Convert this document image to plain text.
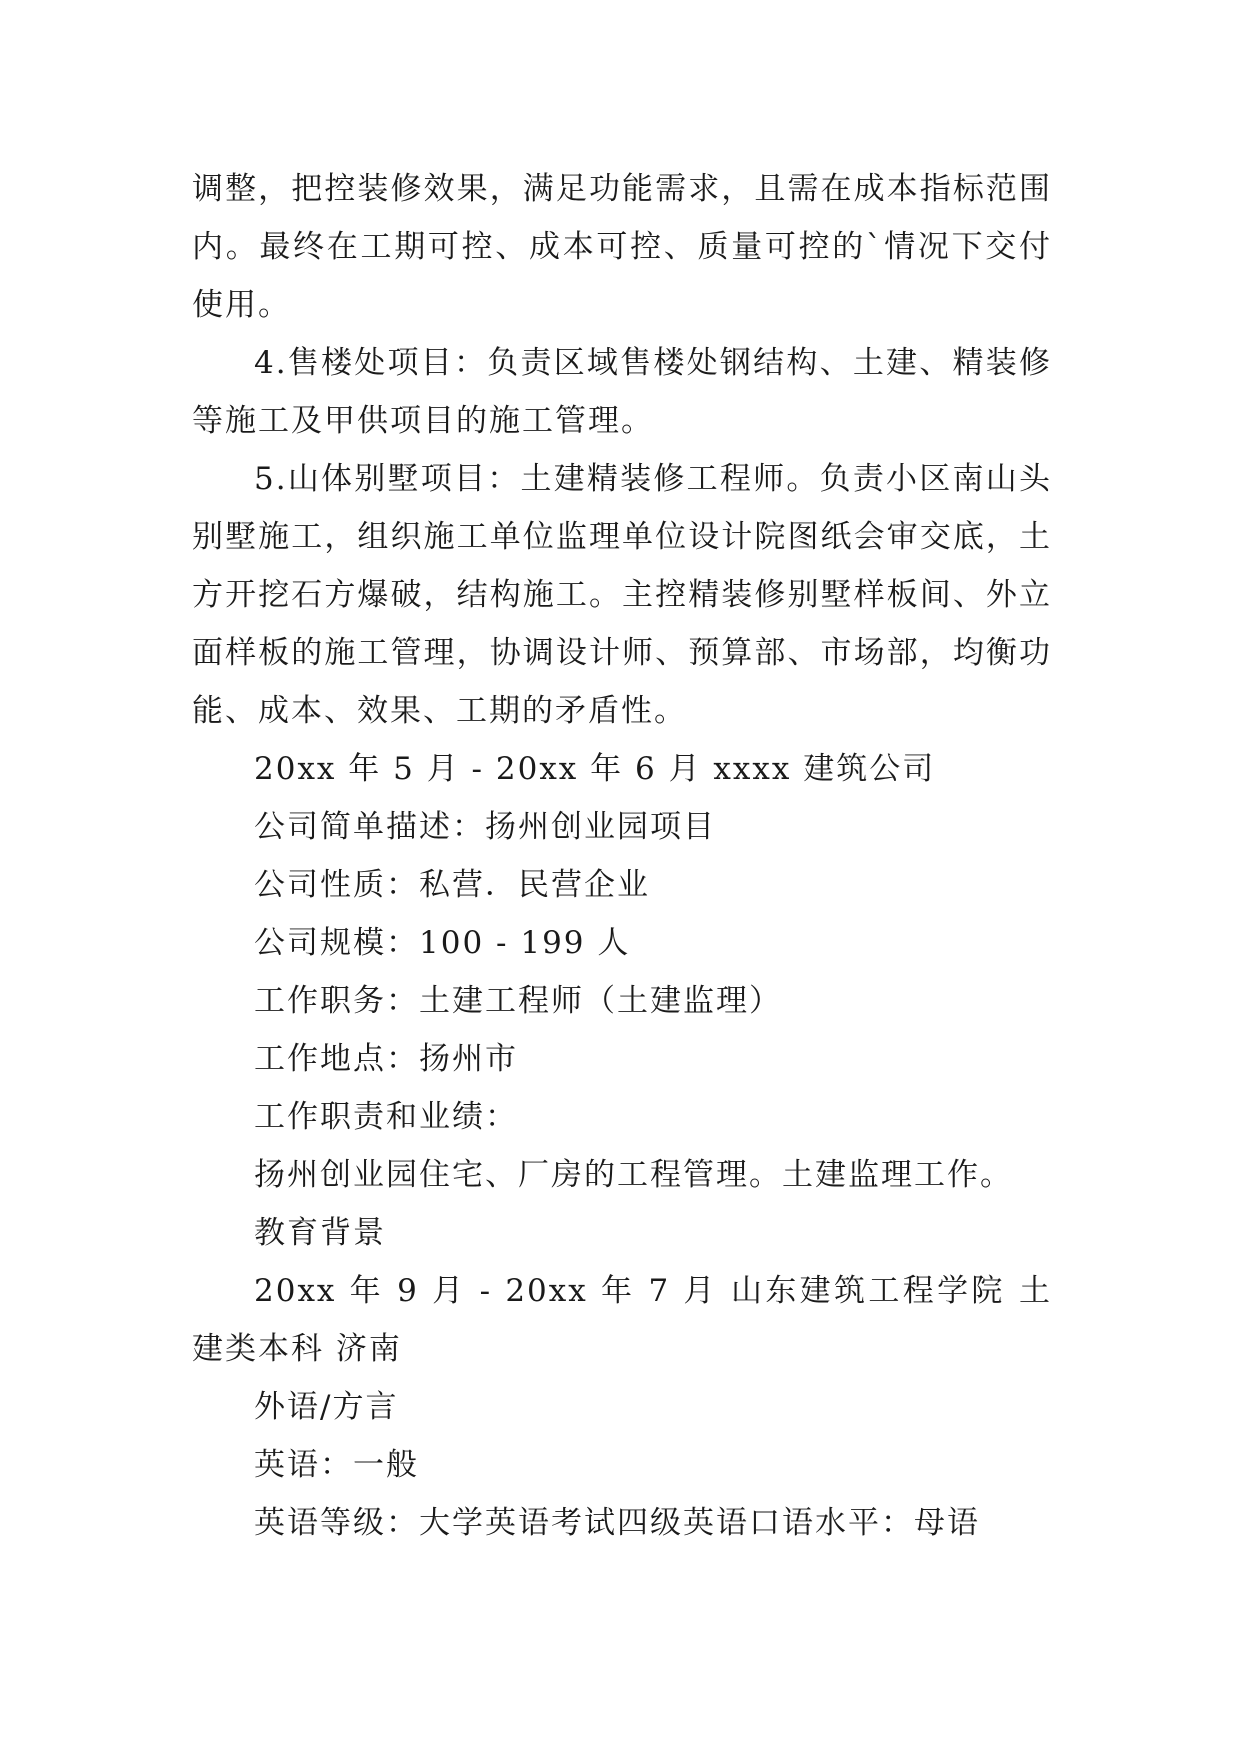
调整，把控装修效果，满足功能需求，且需在成本指标范围内。最终在工期可控、成本可控、质量可控的`情况下交付使用。

4.售楼处项目：负责区域售楼处钢结构、土建、精装修等施工及甲供项目的施工管理。

5.山体别墅项目：土建精装修工程师。负责小区南山头别墅施工，组织施工单位监理单位设计院图纸会审交底，土方开挖石方爆破，结构施工。主控精装修别墅样板间、外立面样板的施工管理，协调设计师、预算部、市场部，均衡功能、成本、效果、工期的矛盾性。

20xx 年 5 月 - 20xx 年 6 月 xxxx 建筑公司

公司简单描述：扬州创业园项目

公司性质：私营．民营企业

公司规模：100 - 199 人

工作职务：土建工程师（土建监理）

工作地点：扬州市

工作职责和业绩：

扬州创业园住宅、厂房的工程管理。土建监理工作。

教育背景

20xx 年 9 月 - 20xx 年 7 月 山东建筑工程学院 土建类本科 济南

外语/方言

英语：一般

英语等级：大学英语考试四级英语口语水平：母语
